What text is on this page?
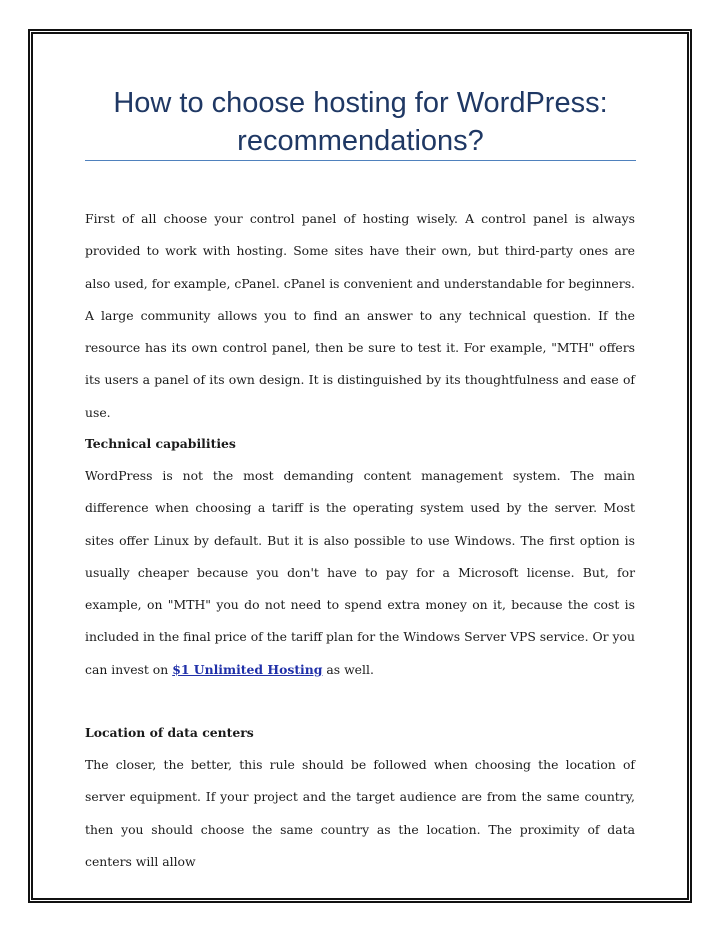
How to choose hosting for WordPress: recommendations?

First of all choose your control panel of hosting wisely. A control panel is always provided to work with hosting. Some sites have their own, but third-party ones are also used, for example, cPanel. cPanel is convenient and understandable for beginners. A large community allows you to find an answer to any technical question. If the resource has its own control panel, then be sure to test it. For example, "MTH" offers its users a panel of its own design. It is distinguished by its thoughtfulness and ease of use.

Technical capabilities

WordPress is not the most demanding content management system. The main difference when choosing a tariff is the operating system used by the server. Most sites offer Linux by default. But it is also possible to use Windows. The first option is usually cheaper because you don't have to pay for a Microsoft license. But, for example, on "MTH" you do not need to spend extra money on it, because the cost is included in the final price of the tariff plan for the Windows Server VPS service. Or you can invest on $1 Unlimited Hosting as well.

Location of data centers

The closer, the better, this rule should be followed when choosing the location of server equipment. If your project and the target audience are from the same country, then you should choose the same country as the location. The proximity of data centers will allow
